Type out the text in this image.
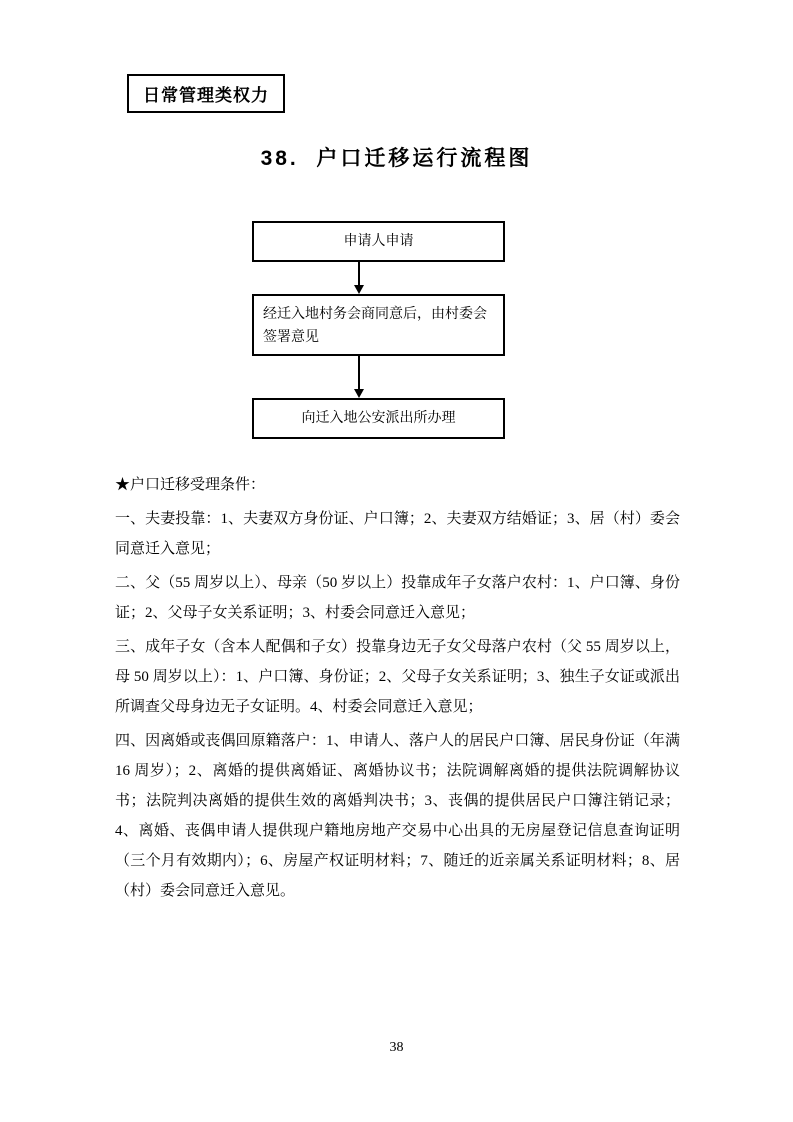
日常管理类权力
38.  户口迁移运行流程图
申请人申请
经迁入地村务会商同意后，由村委会签署意见
向迁入地公安派出所办理

★户口迁移受理条件：

一、夫妻投靠：1、夫妻双方身份证、户口簿；2、夫妻双方结婚证；3、居（村）委会同意迁入意见；

二、父（55 周岁以上）、母亲（50 岁以上）投靠成年子女落户农村：1、户口簿、身份证；2、父母子女关系证明；3、村委会同意迁入意见；

三、成年子女（含本人配偶和子女）投靠身边无子女父母落户农村（父 55 周岁以上，母 50 周岁以上）：1、户口簿、身份证；2、父母子女关系证明；3、独生子女证或派出所调查父母身边无子女证明。4、村委会同意迁入意见；

四、因离婚或丧偶回原籍落户：1、申请人、落户人的居民户口簿、居民身份证（年满 16 周岁）；2、离婚的提供离婚证、离婚协议书；法院调解离婚的提供法院调解协议书；法院判决离婚的提供生效的离婚判决书；3、丧偶的提供居民户口簿注销记录；4、离婚、丧偶申请人提供现户籍地房地产交易中心出具的无房屋登记信息查询证明（三个月有效期内）；6、房屋产权证明材料；7、随迁的近亲属关系证明材料；8、居（村）委会同意迁入意见。

38
